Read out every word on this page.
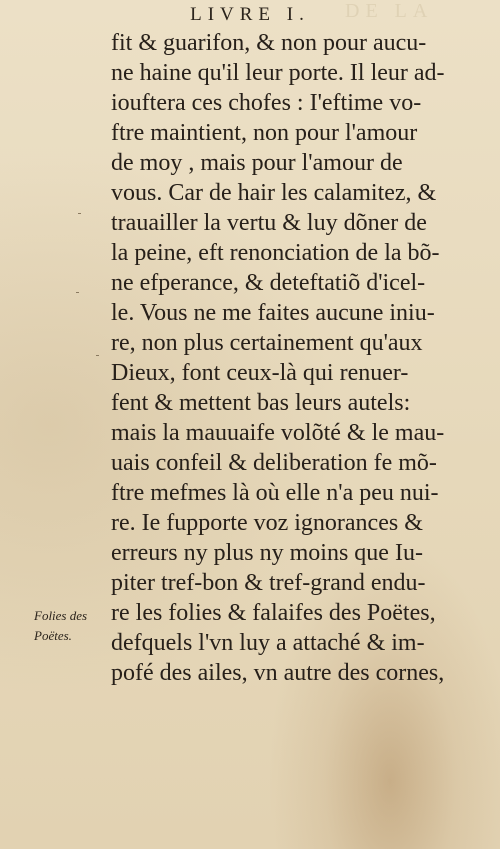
DE LA
LIVRE I.
fit & guarifon, & non pour aucu-
ne haine qu'il leur porte. Il leur ad-
iouftera ces chofes : I'eftime vo-
ftre maintient, non pour l'amour
de moy , mais pour l'amour de
vous. Car de hair les calamitez, &
trauailler la vertu & luy dõner de
la peine, eft renonciation de la bõ-
ne efperance, & deteftatiõ d'icel-
le. Vous ne me faites aucune iniu-
re, non plus certainement qu'aux
Dieux, font ceux-là qui renuer-
fent & mettent bas leurs autels:
mais la mauuaife volõté & le mau-
uais confeil & deliberation fe mõ-
ftre mefmes là où elle n'a peu nui-
re. Ie fupporte voz ignorances &
erreurs ny plus ny moins que Iu-
piter tref-bon & tref-grand endu-
re les folies & falaifes des Poëtes,
defquels l'vn luy a attaché & im-
pofé des ailes, vn autre des cornes,
Folies des
Poëtes.
